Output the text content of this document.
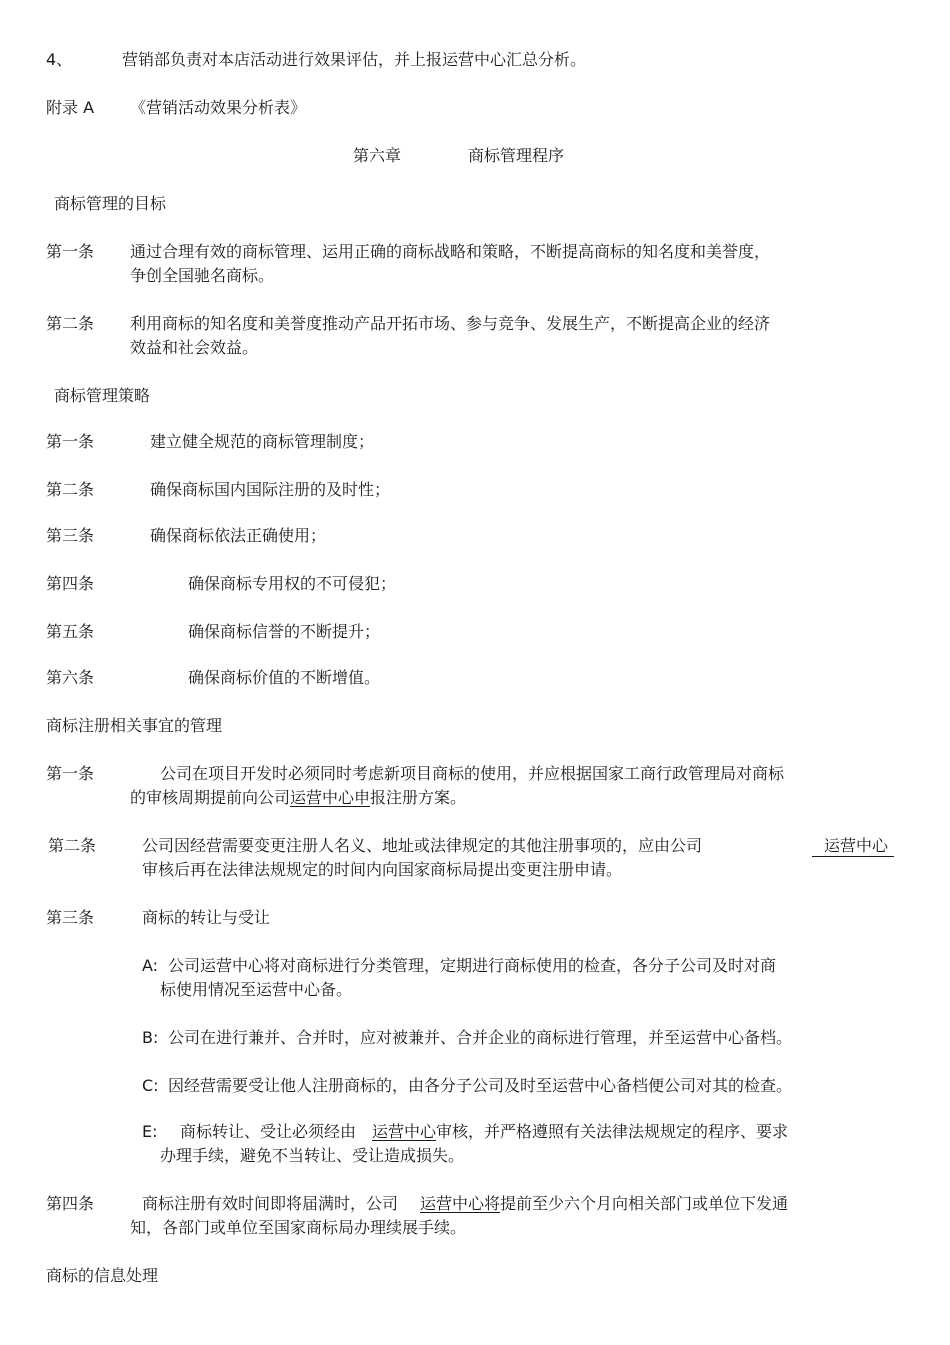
4、	营销部负责对本店活动进行效果评估，并上报运营中心汇总分析。
附录 A 《营销活动效果分析表》
第六章	商标管理程序
商标管理的目标
第一条 通过合理有效的商标管理、运用正确的商标战略和策略，不断提高商标的知名度和美誉度，
争创全国驰名商标。
第二条 利用商标的知名度和美誉度推动产品开拓市场、参与竞争、发展生产，不断提高企业的经济
效益和社会效益。
商标管理策略
第一条	建立健全规范的商标管理制度；
第二条	确保商标国内国际注册的及时性；
第三条	确保商标依法正确使用；
第四条	确保商标专用权的不可侵犯；
第五条	确保商标信誉的不断提升；
第六条	确保商标价值的不断增值。
商标注册相关事宜的管理
第一条	公司在项目开发时必须同时考虑新项目商标的使用，并应根据国家工商行政管理局对商标
的审核周期提前向公司运营中心申报注册方案。
第二条	公司因经营需要变更注册人名义、地址或法律规定的其他注册事项的，应由公司	运营中心
审核后再在法律法规规定的时间内向国家商标局提出变更注册申请。
第三条	商标的转让与受让
A: 公司运营中心将对商标进行分类管理，定期进行商标使用的检查，各分子公司及时对商
标使用情况至运营中心备。
B: 公司在进行兼并、合并时，应对被兼并、合并企业的商标进行管理，并至运营中心备档。
C: 因经营需要受让他人注册商标的，由各分子公司及时至运营中心备档便公司对其的检查。
E: 商标转让、受让必须经由 运营中心审核，并严格遵照有关法律法规规定的程序、要求
办理手续，避免不当转让、受让造成损失。
第四条	商标注册有效时间即将届满时，公司 运营中心将提前至少六个月向相关部门或单位下发通
知，各部门或单位至国家商标局办理续展手续。
商标的信息处理
